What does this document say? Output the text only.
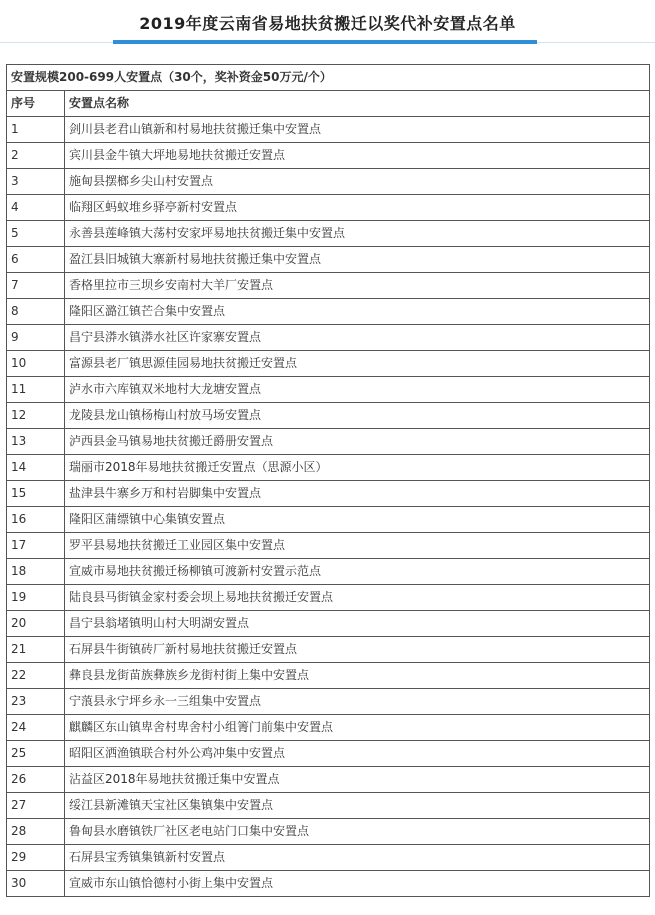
2019年度云南省易地扶贫搬迁以奖代补安置点名单
安置规模200-699人安置点（30个，奖补资金50万元/个）	
序号	安置点名称
1	剑川县老君山镇新和村易地扶贫搬迁集中安置点
2	宾川县金牛镇大坪地易地扶贫搬迁安置点
3	施甸县摆榔乡尖山村安置点
4	临翔区蚂蚁堆乡驿亭新村安置点
5	永善县莲峰镇大荡村安家坪易地扶贫搬迁集中安置点
6	盈江县旧城镇大寨新村易地扶贫搬迁集中安置点
7	香格里拉市三坝乡安南村大羊厂安置点
8	隆阳区潞江镇芒合集中安置点
9	昌宁县漭水镇漭水社区许家寨安置点
10	富源县老厂镇思源佳园易地扶贫搬迁安置点
11	泸水市六库镇双米地村大龙塘安置点
12	龙陵县龙山镇杨梅山村放马场安置点
13	泸西县金马镇易地扶贫搬迁爵册安置点
14	瑞丽市2018年易地扶贫搬迁安置点（思源小区）
15	盐津县牛寨乡万和村岩脚集中安置点
16	隆阳区蒲缥镇中心集镇安置点
17	罗平县易地扶贫搬迁工业园区集中安置点
18	宣威市易地扶贫搬迁杨柳镇可渡新村安置示范点
19	陆良县马街镇金家村委会坝上易地扶贫搬迁安置点
20	昌宁县翁堵镇明山村大明湖安置点
21	石屏县牛街镇砖厂新村易地扶贫搬迁安置点
22	彝良县龙街苗族彝族乡龙街村街上集中安置点
23	宁蒗县永宁坪乡永一三组集中安置点
24	麒麟区东山镇卑舍村卑舍村小组箐门前集中安置点
25	昭阳区洒渔镇联合村外公鸡冲集中安置点
26	沾益区2018年易地扶贫搬迁集中安置点
27	绥江县新滩镇天宝社区集镇集中安置点
28	鲁甸县水磨镇铁厂社区老电站门口集中安置点
29	石屏县宝秀镇集镇新村安置点
30	宣威市东山镇恰德村小街上集中安置点
